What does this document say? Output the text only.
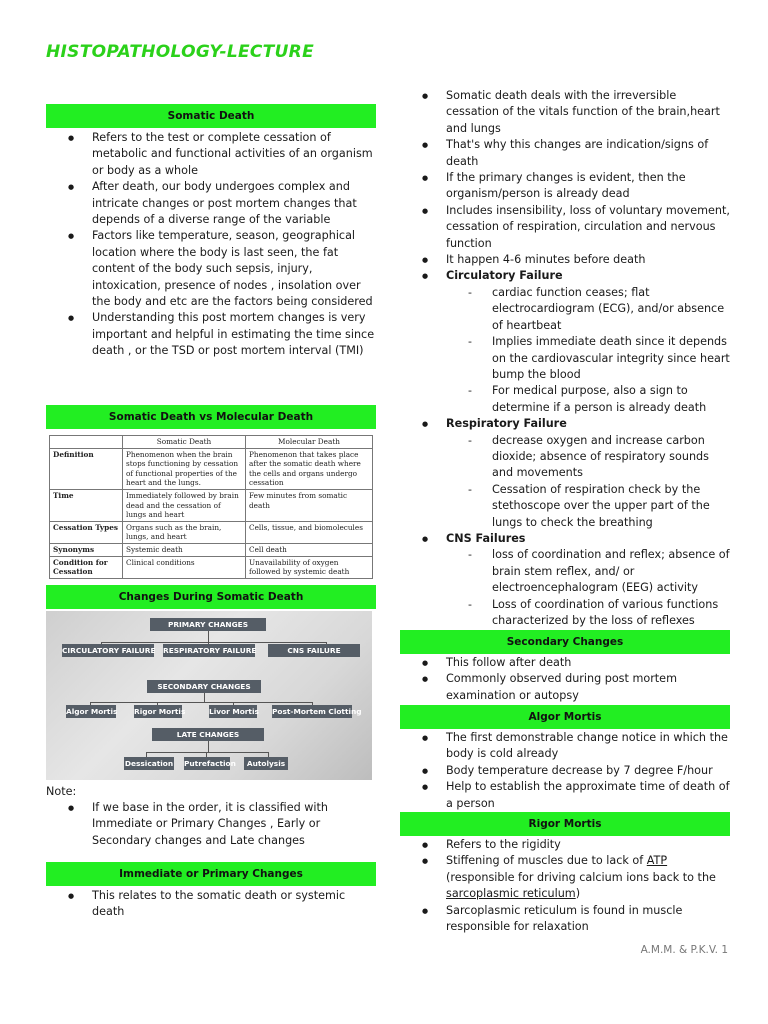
HISTOPATHOLOGY-LECTURE
Somatic Death
● Refers to the test or complete cessation of metabolic and functional activities of an organism or body as a whole
● After death, our body undergoes complex and intricate changes or post mortem changes that depends of a diverse range of the variable
● Factors like temperature, season, geographical location where the body is last seen, the fat content of the body such sepsis, injury, intoxication, presence of nodes , insolation over the body and etc are the factors being considered
● Understanding this post mortem changes is very important and helpful in estimating the time since death , or the TSD or post mortem interval (TMI)
Somatic Death vs Molecular Death
	Somatic Death	Molecular Death
Definition	Phenomenon when the brain stops functioning by cessation of functional properties of the heart and the lungs.	Phenomenon that takes place after the somatic death where the cells and organs undergo cessation
Time	Immediately followed by brain dead and the cessation of lungs and heart	Few minutes from somatic death
Cessation Types	Organs such as the brain, lungs, and heart	Cells, tissue, and biomolecules
Synonyms	Systemic death	Cell death
Condition for Cessation	Clinical conditions	Unavailability of oxygen followed by systemic death
Changes During Somatic Death
PRIMARY CHANGES
CIRCULATORY FAILURE RESPIRATORY FAILURE	CNS FAILURE
SECONDARY CHANGES
Algor Mortis Rigor Mortis	Livor Mortis Post-Mortem Clotting
LATE CHANGES
Dessication Putrefaction	Autolysis
Note:
● If we base in the order, it is classified with Immediate or Primary Changes , Early or Secondary changes and Late changes
Immediate or Primary Changes
● This relates to the somatic death or systemic death
● Somatic death deals with the irreversible cessation of the vitals function of the brain,heart and lungs
● That's why this changes are indication/signs of death
● If the primary changes is evident, then the organism/person is already dead
● Includes insensibility, loss of voluntary movement, cessation of respiration, circulation and nervous function
● It happen 4-6 minutes before death
● Circulatory Failure
- cardiac function ceases; flat electrocardiogram (ECG), and/or absence of heartbeat
- Implies immediate death since it depends on the cardiovascular integrity since heart bump the blood
- For medical purpose, also a sign to determine if a person is already death
● Respiratory Failure
- decrease oxygen and increase carbon dioxide; absence of respiratory sounds and movements
- Cessation of respiration check by the stethoscope over the upper part of the lungs to check the breathing
● CNS Failures
- loss of coordination and reflex; absence of brain stem reflex, and/ or electroencephalogram (EEG) activity
- Loss of coordination of various functions characterized by the loss of reflexes
Secondary Changes
● This follow after death
● Commonly observed during post mortem examination or autopsy
Algor Mortis
● The first demonstrable change notice in which the body is cold already
● Body temperature decrease by 7 degree F/hour
● Help to establish the approximate time of death of a person
Rigor Mortis
● Refers to the rigidity
● Stiffening of muscles due to lack of ATP (responsible for driving calcium ions back to the sarcoplasmic reticulum)
● Sarcoplasmic reticulum is found in muscle responsible for relaxation
A.M.M. & P.K.V. 1
